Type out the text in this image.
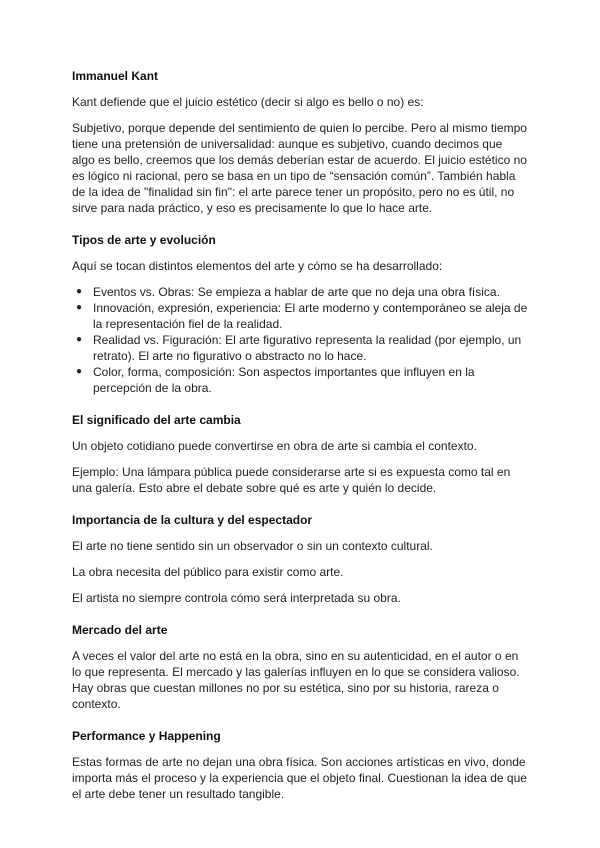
Immanuel Kant

Kant defiende que el juicio estético (decir si algo es bello o no) es:

Subjetivo, porque depende del sentimiento de quien lo percibe. Pero al mismo tiempo tiene una pretensión de universalidad: aunque es subjetivo, cuando decimos que algo es bello, creemos que los demás deberían estar de acuerdo. El juicio estético no es lógico ni racional, pero se basa en un tipo de “sensación común”. También habla de la idea de "finalidad sin fin": el arte parece tener un propósito, pero no es útil, no sirve para nada práctico, y eso es precisamente lo que lo hace arte.

Tipos de arte y evolución

Aquí se tocan distintos elementos del arte y cómo se ha desarrollado:

● Eventos vs. Obras: Se empieza a hablar de arte que no deja una obra física.
● Innovación, expresión, experiencia: El arte moderno y contemporáneo se aleja de la representación fiel de la realidad.
● Realidad vs. Figuración: El arte figurativo representa la realidad (por ejemplo, un retrato). El arte no figurativo o abstracto no lo hace.
● Color, forma, composición: Son aspectos importantes que influyen en la percepción de la obra.
El significado del arte cambia

Un objeto cotidiano puede convertirse en obra de arte si cambia el contexto.

Ejemplo: Una lámpara pública puede considerarse arte si es expuesta como tal en una galería. Esto abre el debate sobre qué es arte y quién lo decide.

Importancia de la cultura y del espectador

El arte no tiene sentido sin un observador o sin un contexto cultural.

La obra necesita del público para existir como arte.

El artista no siempre controla cómo será interpretada su obra.

Mercado del arte

A veces el valor del arte no está en la obra, sino en su autenticidad, en el autor o en lo que representa. El mercado y las galerías influyen en lo que se considera valioso. Hay obras que cuestan millones no por su estética, sino por su historia, rareza o contexto.

Performance y Happening

Estas formas de arte no dejan una obra física. Son acciones artísticas en vivo, donde importa más el proceso y la experiencia que el objeto final. Cuestionan la idea de que el arte debe tener un resultado tangible.
